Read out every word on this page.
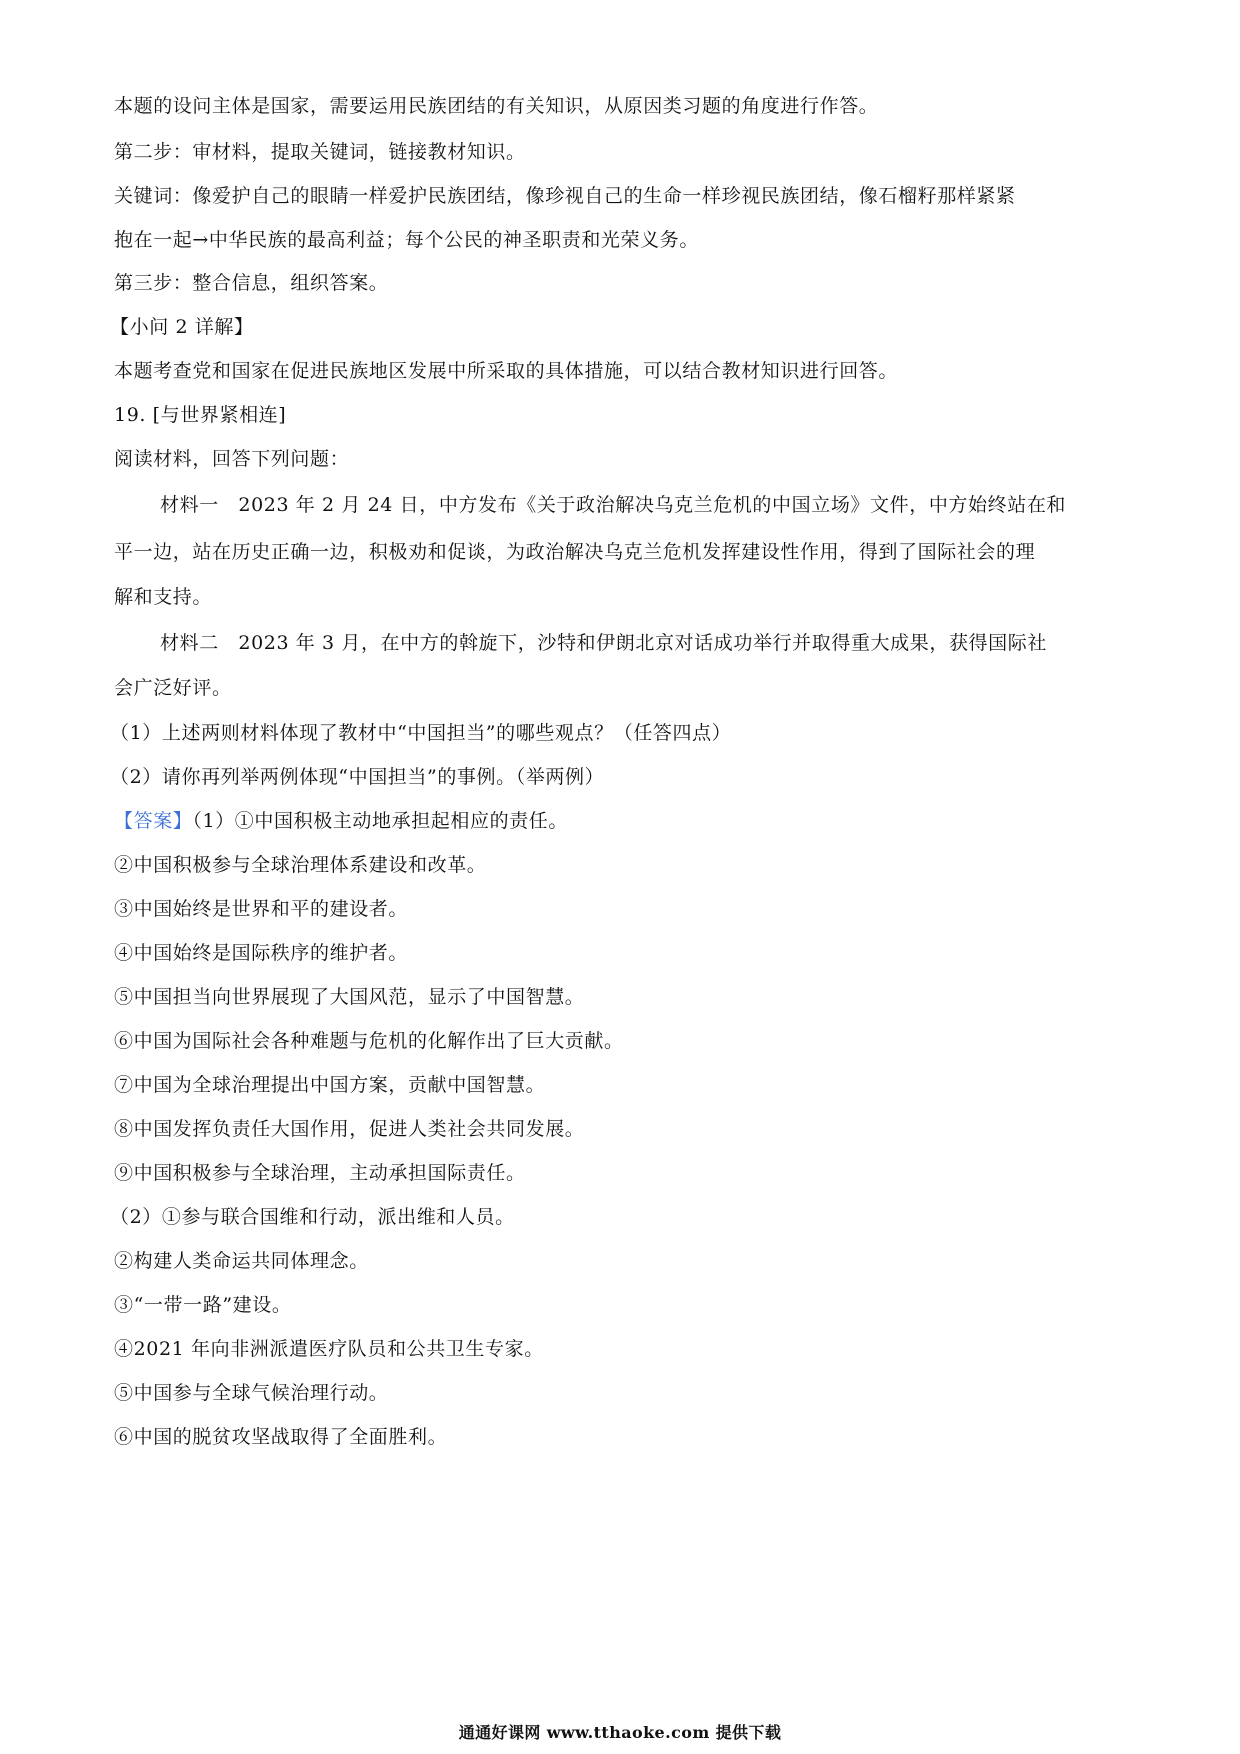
本题的设问主体是国家，需要运用民族团结的有关知识，从原因类习题的角度进行作答。
第二步：审材料，提取关键词，链接教材知识。
关键词：像爱护自己的眼睛一样爱护民族团结，像珍视自己的生命一样珍视民族团结，像石榴籽那样紧紧
抱在一起→中华民族的最高利益；每个公民的神圣职责和光荣义务。
第三步：整合信息，组织答案。
【小问 2 详解】
本题考查党和国家在促进民族地区发展中所采取的具体措施，可以结合教材知识进行回答。
19. [与世界紧相连]
阅读材料，回答下列问题：
材料一　2023 年 2 月 24 日，中方发布《关于政治解决乌克兰危机的中国立场》文件，中方始终站在和
平一边，站在历史正确一边，积极劝和促谈，为政治解决乌克兰危机发挥建设性作用，得到了国际社会的理
解和支持。
材料二　2023 年 3 月，在中方的斡旋下，沙特和伊朗北京对话成功举行并取得重大成果，获得国际社
会广泛好评。
（1）上述两则材料体现了教材中“中国担当”的哪些观点？（任答四点）
（2）请你再列举两例体现“中国担当”的事例。（举两例）
【答案】（1）①中国积极主动地承担起相应的责任。
②中国积极参与全球治理体系建设和改革。
③中国始终是世界和平的建设者。
④中国始终是国际秩序的维护者。
⑤中国担当向世界展现了大国风范，显示了中国智慧。
⑥中国为国际社会各种难题与危机的化解作出了巨大贡献。
⑦中国为全球治理提出中国方案，贡献中国智慧。
⑧中国发挥负责任大国作用，促进人类社会共同发展。
⑨中国积极参与全球治理，主动承担国际责任。
（2）①参与联合国维和行动，派出维和人员。
②构建人类命运共同体理念。
③“一带一路”建设。
④2021 年向非洲派遣医疗队员和公共卫生专家。
⑤中国参与全球气候治理行动。
⑥中国的脱贫攻坚战取得了全面胜利。
通通好课网 www.tthaoke.com 提供下载
